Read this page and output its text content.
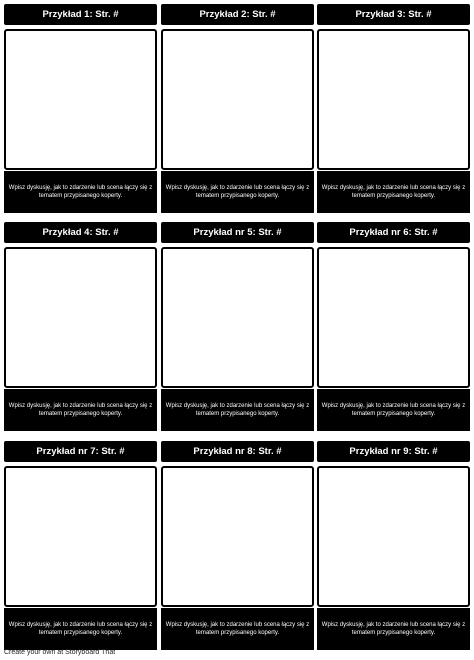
Przykład 1: Str. #
Wpisz dyskusję, jak to zdarzenie lub scena łączy się z tematem przypisanego koperty.
Przykład 2: Str. #
Wpisz dyskusję, jak to zdarzenie lub scena łączy się z tematem przypisanego koperty.
Przykład 3: Str. #
Wpisz dyskusję, jak to zdarzenie lub scena łączy się z tematem przypisanego koperty.
Przykład 4: Str. #
Wpisz dyskusję, jak to zdarzenie lub scena łączy się z tematem przypisanego koperty.
Przykład nr 5: Str. #
Wpisz dyskusję, jak to zdarzenie lub scena łączy się z tematem przypisanego koperty.
Przykład nr 6: Str. #
Wpisz dyskusję, jak to zdarzenie lub scena łączy się z tematem przypisanego koperty.
Przykład nr 7: Str. #
Wpisz dyskusję, jak to zdarzenie lub scena łączy się z tematem przypisanego koperty.
Przykład nr 8: Str. #
Wpisz dyskusję, jak to zdarzenie lub scena łączy się z tematem przypisanego koperty.
Przykład nr 9: Str. #
Wpisz dyskusję, jak to zdarzenie lub scena łączy się z tematem przypisanego koperty.
Create your own at Storyboard That
